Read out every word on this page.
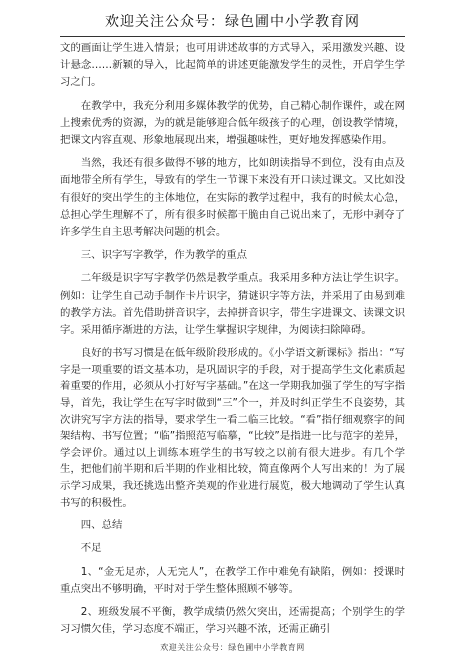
欢迎关注公众号：绿色圃中小学教育网

文的画面让学生进入情景；也可用讲述故事的方式导入，采用激发兴趣、设计悬念……新颖的导入，比起简单的讲述更能激发学生的灵性，开启学生学习之门。

在教学中，我充分利用多媒体教学的优势，自己精心制作课件，或在网上搜索优秀的资源，为的就是能够迎合低年级孩子的心理，创设教学情境，把课文内容直观、形象地展现出来，增强趣味性，更好地发挥感染作用。

当然，我还有很多做得不够的地方，比如朗读指导不到位，没有由点及面地带全所有学生，导致有的学生一节课下来没有开口读过课文。又比如没有很好的突出学生的主体地位，在实际的教学过程中，我有的时候太心急，总担心学生理解不了，所有很多时候都干脆由自己说出来了，无形中剥夺了许多学生自主思考解决问题的机会。

三、识字写字教学，作为教学的重点

二年级是识字写字教学仍然是教学重点。我采用多种方法让学生识字。例如：让学生自己动手制作卡片识字，猜谜识字等方法，并采用了由易到难的教学方法。首先借助拼音识字，去掉拼音识字，带生字进课文、读课文识字。采用循序渐进的方法，让学生掌握识字规律，为阅读扫除障碍。

良好的书写习惯是在低年级阶段形成的。《小学语文新课标》指出：“写字是一项重要的语文基本功，是巩固识字的手段，对于提高学生文化素质起着重要的作用，必须从小打好写字基础。”在这一学期我加强了学生的写字指导，首先，我让学生在写字时做到“三”个一，并及时纠正学生不良姿势，其次讲究写字方法的指导，要求学生一看二临三比较。“看”指仔细观察字的间架结构、书写位置；“临”指照范写临摹，“比较”是指进一比与范字的差异，学会评价。通过以上训练本班学生的书写较之以前有很大进步。有几个学生，把他们前半期和后半期的作业相比较，简直像两个人写出来的！为了展示学习成果，我还挑选出整齐美观的作业进行展览，极大地调动了学生认真书写的积极性。

四、总结

不足

1、“金无足赤，人无完人”，在教学工作中难免有缺陷，例如：授课时重点突出不够明确，平时对于学生整体照顾不够等。

2、班级发展不平衡，教学成绩仍然欠突出，还需提高；个别学生的学习习惯欠佳，学习态度不端正，学习兴趣不浓，还需正确引

欢迎关注公众号：绿色圃中小学教育网
